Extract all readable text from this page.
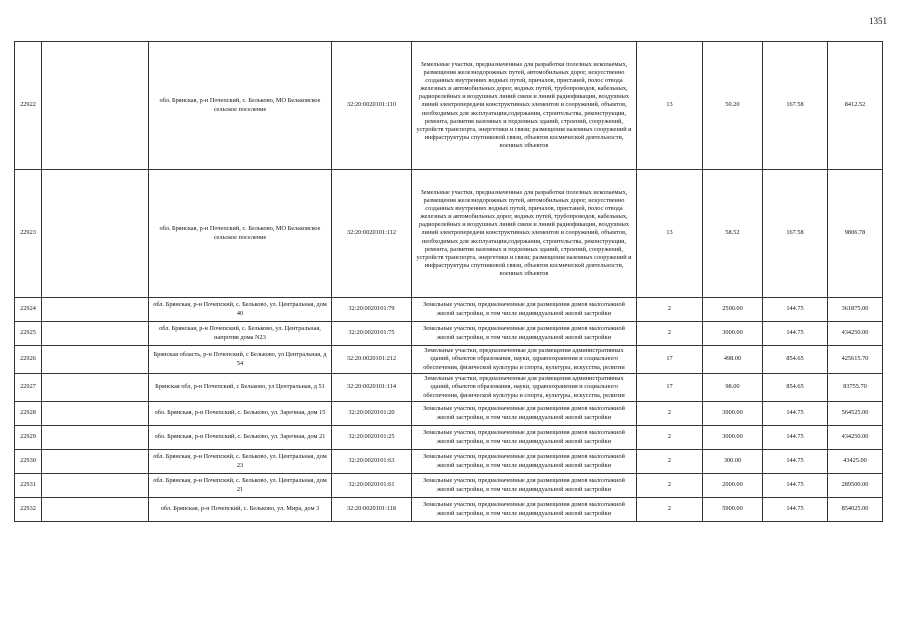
1351
22922		обл. Брянская, р-н Почепский, с. Бельково, МО Бельковское сельское поселение	32:20:0020101:110	Земельные участки, предназначенные для разработки полезных ископаемых, размещения железнодорожных путей, автомобильных дорог, искусственно созданных внутренних водных путей, причалов, пристаней, полос отвода железных и автомобильных дорог, водных путей, трубопроводов, кабельных, радиорелейных и воздушных линий связи и линий радиофикации, воздушных линий электропередачи конструктивных элементов и сооружений, объектов, необходимых для эксплуатации,содержания, строительства, реконструкции, ремонта, развития наземных и подземных зданий, строений, сооружений, устройств транспорта, энергетики и связи; размещения наземных сооружений и инфраструктуры спутниковой связи, объектов космической деятельности, военных объектов	13	50.20	167.58	8412.52
22923		обл. Брянская, р-н Почепский, с. Бельково, МО Бельковское сельское поселение	32:20:0020101:112	Земельные участки, предназначенные для разработки полезных ископаемых, размещения железнодорожных путей, автомобильных дорог, искусственно созданных внутренних водных путей, причалов, пристаней, полос отвода железных и автомобильных дорог, водных путей, трубопроводов, кабельных, радиорелейных и воздушных линий связи и линий радиофикации, воздушных линий электропередачи конструктивных элементов и сооружений, объектов, необходимых для эксплуатации,содержания, строительства, реконструкции, ремонта, развития наземных и подземных зданий, строений, сооружений, устройств транспорта, энергетики и связи; размещения наземных сооружений и инфраструктуры спутниковой связи, объектов космической деятельности, военных объектов	13	58.52	167.58	9806.78
22924		обл. Брянская, р-н Почепский, с. Бельково, ул. Центральная, дом 40	32:20:0020101:79	Земельные участки, предназначенные для размещения домов малоэтажной жилой застройки, в том числе индивидуальной жилой застройки	2	2500.00	144.75	361875.00
22925		обл. Брянская, р-н Почепский, с. Бельково, ул. Центральная, напротив дома N23	32:20:0020101:75	Земельные участки, предназначенные для размещения домов малоэтажной жилой застройки, в том числе индивидуальной жилой застройки	2	3000.00	144.75	434250.00
22926		Брянская область, р-н Почепский, с Бельково, ул Центральная, д 54	32:20:0020101:212	Земельные участки, предназначенные для размещения административных зданий, объектов образования, науки, здравоохранения и социального обеспечения, физической культуры и спорта, культуры, искусства, религии	17	498.00	854.65	425615.70
22927		Брянская обл, р-н Почепский, с Бельково, ул Центральная, д 51	32:20:0020101:114	Земельные участки, предназначенные для размещения административных зданий, объектов образования, науки, здравоохранения и социального обеспечения, физической культуры и спорта, культуры, искусства, религии	17	98.00	854.65	83755.70
22928		обл. Брянская, р-н Почепский, с. Бельково, ул. Заречная, дом 15	32:20:0020101:20	Земельные участки, предназначенные для размещения домов малоэтажной жилой застройки, в том числе индивидуальной жилой застройки	2	3900.00	144.75	564525.00
22929		обл. Брянская, р-н Почепский, с. Бельково, ул. Заречная, дом 21	32:20:0020101:25	Земельные участки, предназначенные для размещения домов малоэтажной жилой застройки, в том числе индивидуальной жилой застройки	2	3000.00	144.75	434250.00
22930		обл. Брянская, р-н Почепский, с. Бельково, ул. Центральная, дом 23	32:20:0020101:63	Земельные участки, предназначенные для размещения домов малоэтажной жилой застройки, в том числе индивидуальной жилой застройки	2	300.00	144.75	43425.00
22931		обл. Брянская, р-н Почепский, с. Бельково, ул. Центральная, дом 21	32:20:0020101:61	Земельные участки, предназначенные для размещения домов малоэтажной жилой застройки, в том числе индивидуальной жилой застройки	2	2000.00	144.75	289500.00
22932		обл. Брянская, р-н Почепский, с. Бельково, ул. Мира, дом 3	32:20:0020101:118	Земельные участки, предназначенные для размещения домов малоэтажной жилой застройки, в том числе индивидуальной жилой застройки	2	5900.00	144.75	854025.00
